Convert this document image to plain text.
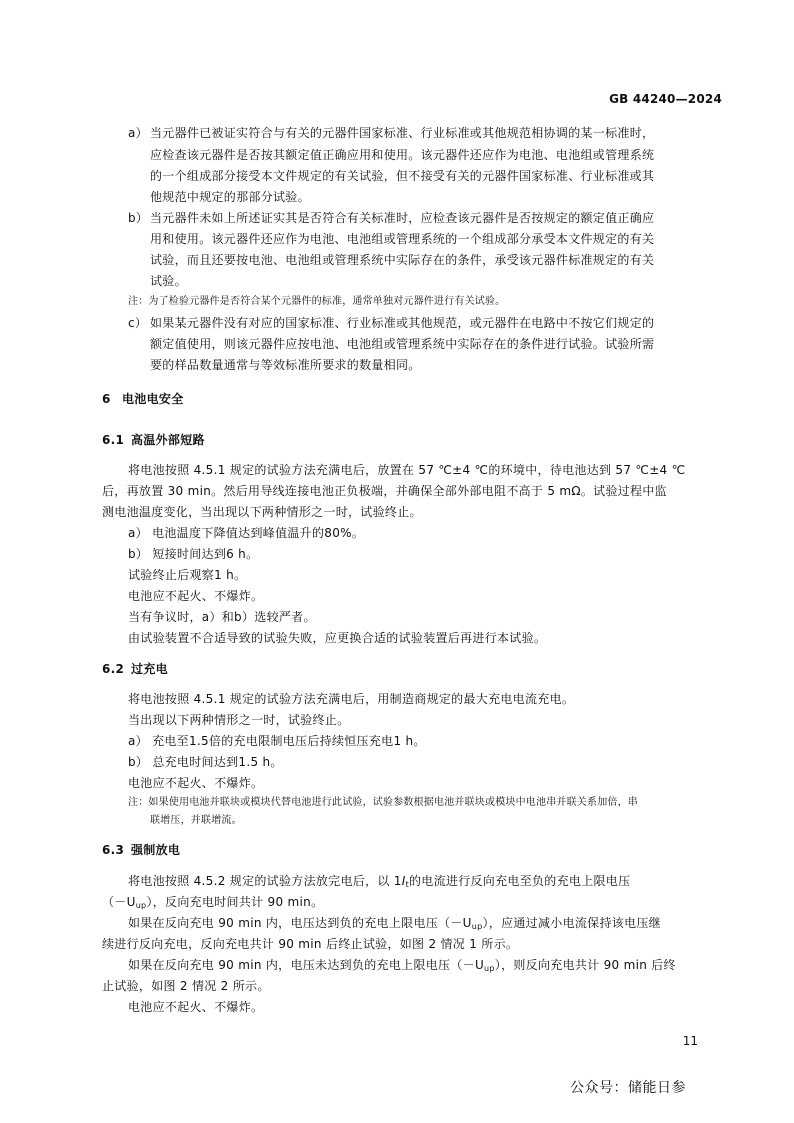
GB 44240—2024
a） 当元器件已被证实符合与有关的元器件国家标准、行业标准或其他规范相协调的某一标准时，
应检查该元器件是否按其额定值正确应用和使用。该元器件还应作为电池、电池组或管理系统
的一个组成部分接受本文件规定的有关试验，但不接受有关的元器件国家标准、行业标准或其
他规范中规定的那部分试验。
b） 当元器件未如上所述证实其是否符合有关标准时，应检查该元器件是否按规定的额定值正确应
用和使用。该元器件还应作为电池、电池组或管理系统的一个组成部分承受本文件规定的有关
试验，而且还要按电池、电池组或管理系统中实际存在的条件，承受该元器件标准规定的有关
试验。
注：为了检验元器件是否符合某个元器件的标准，通常单独对元器件进行有关试验。
c） 如果某元器件没有对应的国家标准、行业标准或其他规范，或元器件在电路中不按它们规定的
额定值使用，则该元器件应按电池、电池组或管理系统中实际存在的条件进行试验。试验所需
要的样品数量通常与等效标准所要求的数量相同。
6 电池电安全
6.1 高温外部短路
将电池按照 4.5.1 规定的试验方法充满电后，放置在 57 ℃±4 ℃的环境中，待电池达到 57 ℃±4 ℃
后，再放置 30 min。然后用导线连接电池正负极端，并确保全部外部电阻不高于 5 mΩ。试验过程中监
测电池温度变化，当出现以下两种情形之一时，试验终止。
a） 电池温度下降值达到峰值温升的80%。
b） 短接时间达到6 h。
试验终止后观察1 h。
电池应不起火、不爆炸。
当有争议时，a）和b）选较严者。
由试验装置不合适导致的试验失败，应更换合适的试验装置后再进行本试验。
6.2 过充电
将电池按照 4.5.1 规定的试验方法充满电后，用制造商规定的最大充电电流充电。
当出现以下两种情形之一时，试验终止。
a） 充电至1.5倍的充电限制电压后持续恒压充电1 h。
b） 总充电时间达到1.5 h。
电池应不起火、不爆炸。
注：如果使用电池并联块或模块代替电池进行此试验，试验参数根据电池并联块或模块中电池串并联关系加倍，串
联增压，并联增流。
6.3 强制放电
将电池按照 4.5.2 规定的试验方法放完电后，以 $1I_t$的电流进行反向充电至负的充电上限电压
$(-U_{up})$，反向充电时间共计 90 min。
如果在反向充电 90 min 内，电压达到负的充电上限电压$(-U_{up})$，应通过减小电流保持该电压继
续进行反向充电，反向充电共计 90 min 后终止试验，如图 2 情况 1 所示。
如果在反向充电 90 min 内，电压未达到负的充电上限电压$(-U_{up})$，则反向充电共计 90 min 后终
止试验，如图 2 情况 2 所示。
电池应不起火、不爆炸。
11
公众号：储能日参
